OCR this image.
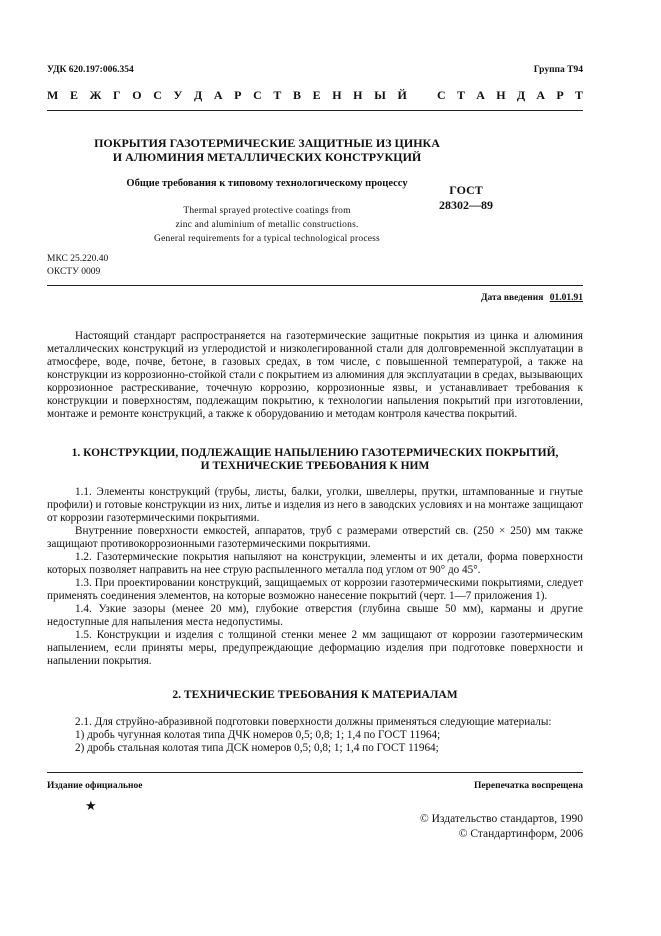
УДК 620.197:006.354	Группа Т94
М Е Ж Г О С У Д А Р С Т В Е Н Н Ы Й	С Т А Н Д А Р Т
ПОКРЫТИЯ ГАЗОТЕРМИЧЕСКИЕ ЗАЩИТНЫЕ ИЗ ЦИНКА
И АЛЮМИНИЯ МЕТАЛЛИЧЕСКИХ КОНСТРУКЦИЙ
Общие требования к типовому технологическому процессу
Thermal sprayed protective coatings from
zinc and aluminium of metallic constructions.
General requirements for a typical technological process
ГОСТ
28302—89
МКС 25.220.40
ОКСТУ 0009
Дата введения 01.01.91
Настоящий стандарт распространяется на газотермические защитные покрытия из цинка и алюминия металлических конструкций из углеродистой и низколегированной стали для долговременной эксплуатации в атмосфере, воде, почве, бетоне, в газовых средах, в том числе, с повышенной температурой, а также на конструкции из коррозионно-стойкой стали с покрытием из алюминия для эксплуатации в средах, вызывающих коррозионное растрескивание, точечную коррозию, коррозионные язвы, и устанавливает требования к конструкции и поверхностям, подлежащим покрытию, к технологии напыления покрытий при изготовлении, монтаже и ремонте конструкций, а также к оборудованию и методам контроля качества покрытий.
1. КОНСТРУКЦИИ, ПОДЛЕЖАЩИЕ НАПЫЛЕНИЮ ГАЗОТЕРМИЧЕСКИХ ПОКРЫТИЙ,
И ТЕХНИЧЕСКИЕ ТРЕБОВАНИЯ К НИМ

1.1. Элементы конструкций (трубы, листы, балки, уголки, швеллеры, прутки, штампованные и гнутые профили) и готовые конструкции из них, литье и изделия из него в заводских условиях и на монтаже защищают от коррозии газотермическими покрытиями.

Внутренние поверхности емкостей, аппаратов, труб с размерами отверстий св. (250 × 250) мм также защищают противокоррозионными газотермическими покрытиями.

1.2. Газотермические покрытия напыляют на конструкции, элементы и их детали, форма поверхности которых позволяет направить на нее струю распыленного металла под углом от 90° до 45°.

1.3. При проектировании конструкций, защищаемых от коррозии газотермическими покрытиями, следует применять соединения элементов, на которые возможно нанесение покрытий (черт. 1—7 приложения 1).

1.4. Узкие зазоры (менее 20 мм), глубокие отверстия (глубина свыше 50 мм), карманы и другие недоступные для напыления места недопустимы.

1.5. Конструкции и изделия с толщиной стенки менее 2 мм защищают от коррозии газотермическим напылением, если приняты меры, предупреждающие деформацию изделия при подготовке поверхности и напылении покрытия.

2. ТЕХНИЧЕСКИЕ ТРЕБОВАНИЯ К МАТЕРИАЛАМ

2.1. Для струйно-абразивной подготовки поверхности должны применяться следующие материалы:

1) дробь чугунная колотая типа ДЧК номеров 0,5; 0,8; 1; 1,4 по ГОСТ 11964;

2) дробь стальная колотая типа ДСК номеров 0,5; 0,8; 1; 1,4 по ГОСТ 11964;

Издание официальное	Перепечатка воспрещена
★
© Издательство стандартов, 1990
© Стандартинформ, 2006
